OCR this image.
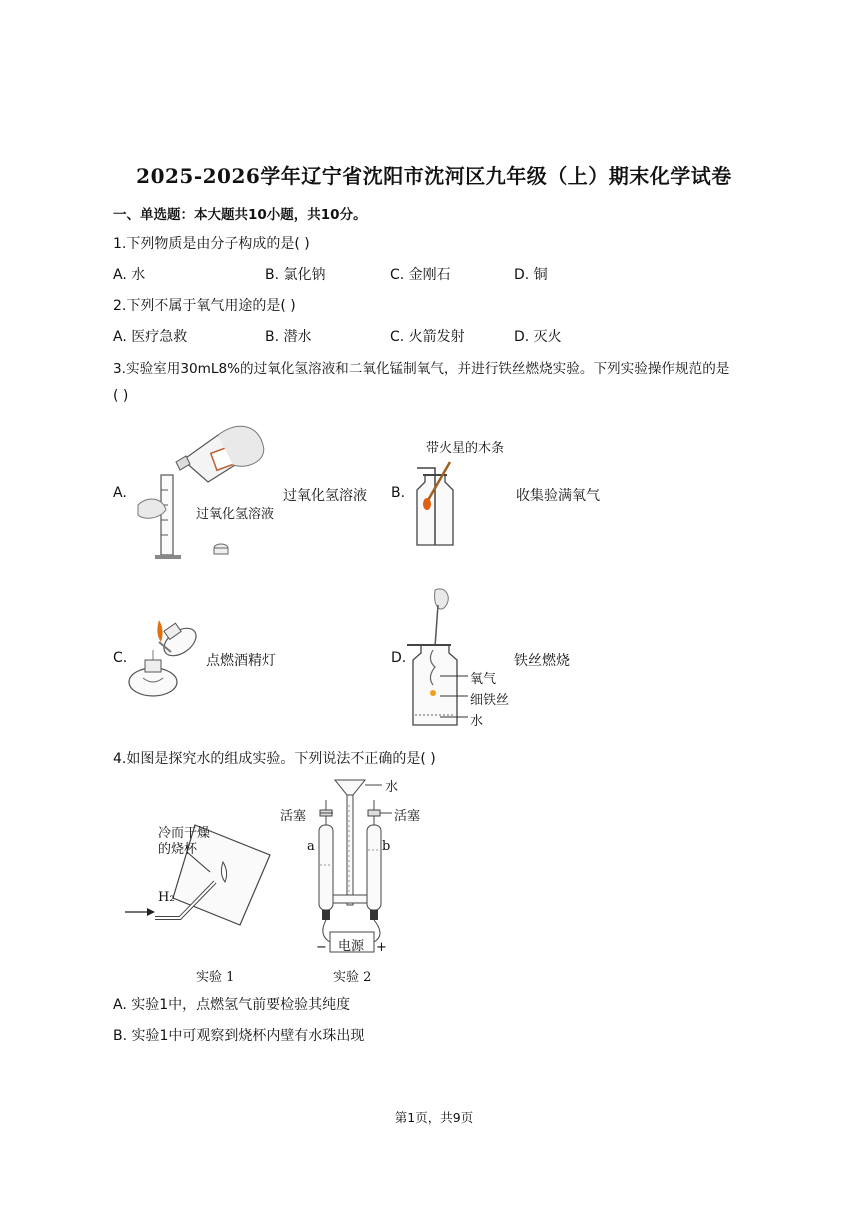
2025-2026学年辽宁省沈阳市沈河区九年级（上）期末化学试卷
一、单选题：本大题共10小题，共10分。
1.下列物质是由分子构成的是( )
A. 水	B. 氯化钠	C. 金刚石	D. 铜
2.下列不属于氧气用途的是( )
A. 医疗急救	B. 潜水	C. 火箭发射	D. 灭火
3.实验室用30mL8%的过氧化氢溶液和二氧化锰制氧气，并进行铁丝燃烧实验。下列实验操作规范的是
( )
A.
过氧化氢溶液
过氧化氢溶液
带火星的木条
B.	收集验满氧气
C.	点燃酒精灯	D.
氧气
细铁丝
水
铁丝燃烧
4.如图是探究水的组成实验。下列说法不正确的是( )
冷而干燥
的烧杯
H₂
实验 1
水
活塞	活塞
a	b
电源
−	+
实验 2
A. 实验1中，点燃氢气前要检验其纯度
B. 实验1中可观察到烧杯内壁有水珠出现
第1页，共9页
